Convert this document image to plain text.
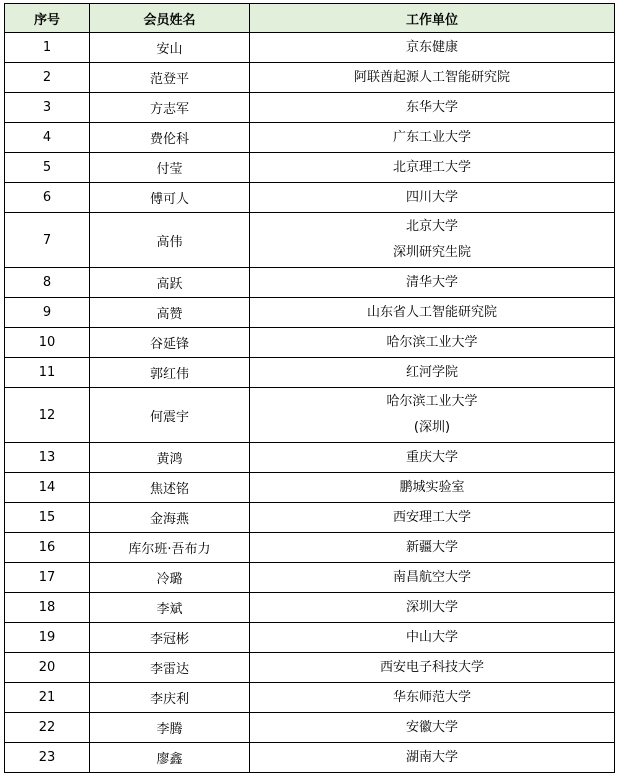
序号	会员姓名	工作单位
1	安山	京东健康

2	范登平	阿联酋起源人工智能研究院

3	方志军	东华大学

4	费伦科	广东工业大学

5	付莹	北京理工大学

6	傅可人	四川大学

7	高伟	北京大学
深圳研究生院

8	高跃	清华大学

9	高赞	山东省人工智能研究院

10	谷延锋	哈尔滨工业大学

11	郭红伟	红河学院

12	何震宇	哈尔滨工业大学
(深圳)

13	黄鸿	重庆大学

14	焦述铭	鹏城实验室

15	金海燕	西安理工大学

16	库尔班·吾布力	新疆大学

17	冷璐	南昌航空大学

18	李斌	深圳大学

19	李冠彬	中山大学

20	李雷达	西安电子科技大学

21	李庆利	华东师范大学

22	李腾	安徽大学

23	廖鑫	湖南大学
